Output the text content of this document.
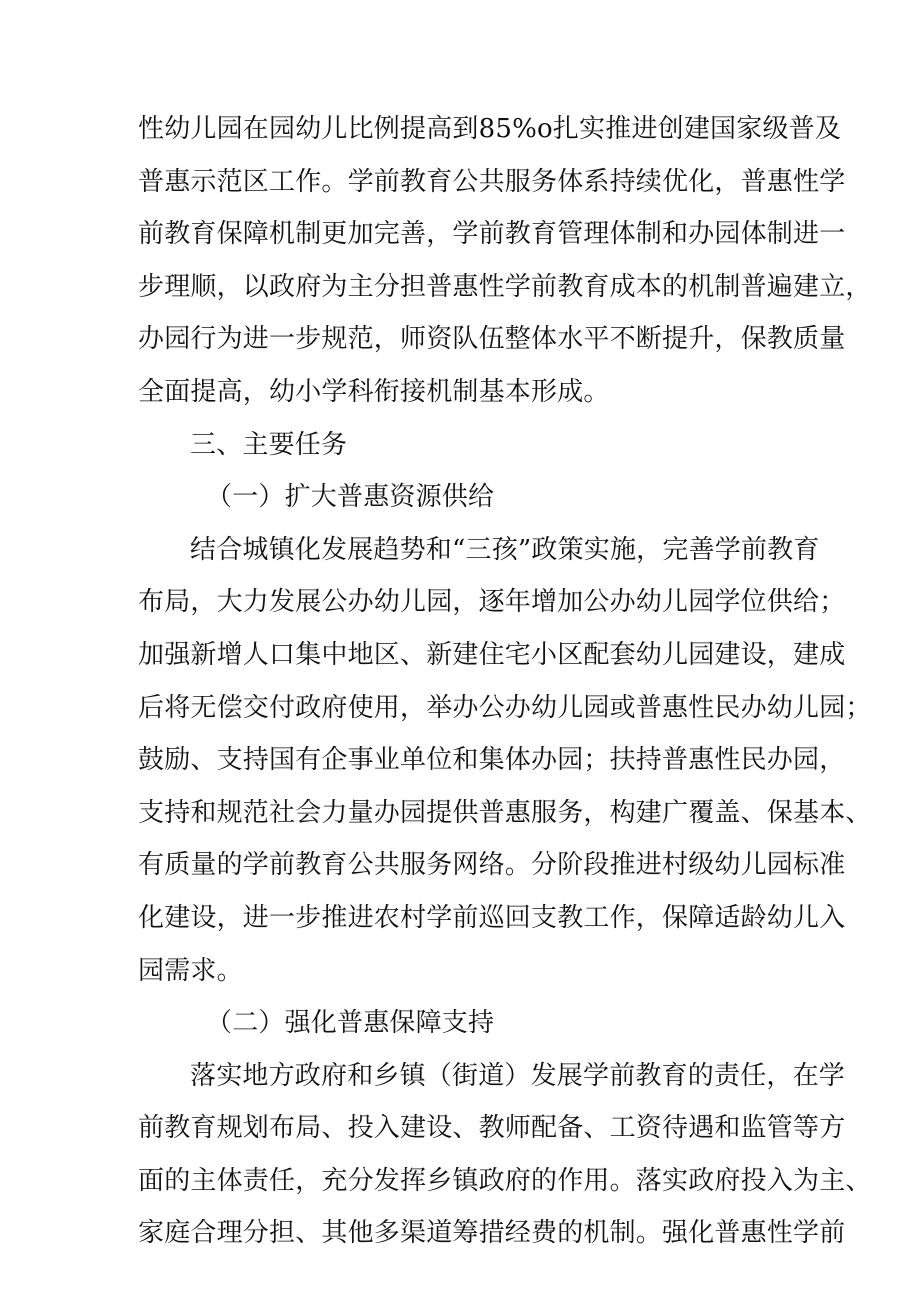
性幼儿园在园幼儿比例提高到85%o扎实推进创建国家级普及
普惠示范区工作。学前教育公共服务体系持续优化，普惠性学
前教育保障机制更加完善，学前教育管理体制和办园体制进一
步理顺，以政府为主分担普惠性学前教育成本的机制普遍建立，
办园行为进一步规范，师资队伍整体水平不断提升，保教质量
全面提高，幼小学科衔接机制基本形成。
三、主要任务
（一）扩大普惠资源供给
结合城镇化发展趋势和“三孩”政策实施，完善学前教育
布局，大力发展公办幼儿园，逐年增加公办幼儿园学位供给；
加强新增人口集中地区、新建住宅小区配套幼儿园建设，建成
后将无偿交付政府使用，举办公办幼儿园或普惠性民办幼儿园；
鼓励、支持国有企事业单位和集体办园；扶持普惠性民办园，
支持和规范社会力量办园提供普惠服务，构建广覆盖、保基本、
有质量的学前教育公共服务网络。分阶段推进村级幼儿园标准
化建设，进一步推进农村学前巡回支教工作，保障适龄幼儿入
园需求。
（二）强化普惠保障支持
落实地方政府和乡镇（街道）发展学前教育的责任，在学
前教育规划布局、投入建设、教师配备、工资待遇和监管等方
面的主体责任，充分发挥乡镇政府的作用。落实政府投入为主、
家庭合理分担、其他多渠道筹措经费的机制。强化普惠性学前
